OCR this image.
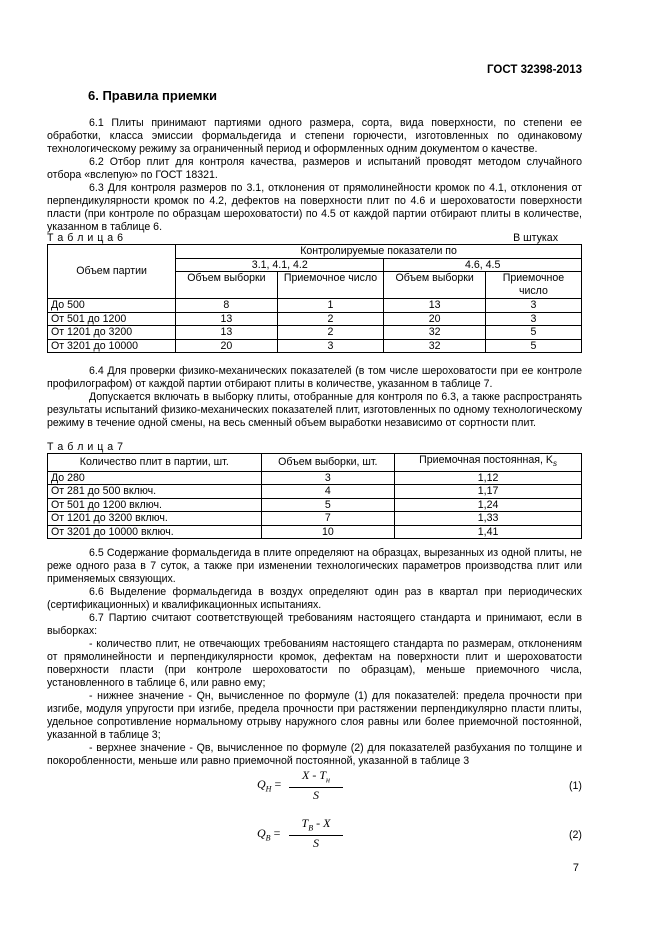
ГОСТ 32398-2013
6. Правила приемки

6.1 Плиты принимают партиями одного размера, сорта, вида поверхности, по степени ее обработки, класса эмиссии формальдегида и степени горючести, изготовленных по одинаковому технологическому режиму за ограниченный период и оформленных одним документом о качестве.

6.2 Отбор плит для контроля качества, размеров и испытаний проводят методом случайного отбора «вслепую» по ГОСТ 18321.

6.3 Для контроля размеров по 3.1, отклонения от прямолинейности кромок по 4.1, отклонения от перпендикулярности кромок по 4.2, дефектов на поверхности плит по 4.6 и шероховатости поверхности пласти (при контроле по образцам шероховатости) по 4.5 от каждой партии отбирают плиты в количестве, указанном в таблице 6.

Т а б л и ц а 6	В штуках
Объем партии	Контролируемые показатели по			
	3.1, 4.1, 4.2		4.6, 4.5	
	Объем выборки	Приемочное число	Объем выборки	Приемочное число
До 500	8	1	13	3
От 501 до 1200	13	2	20	3
От 1201 до 3200	13	2	32	5
От 3201 до 10000	20	3	32	5

6.4 Для проверки физико-механических показателей (в том числе шероховатости при ее контроле профилографом) от каждой партии отбирают плиты в количестве, указанном в таблице 7.

Допускается включать в выборку плиты, отобранные для контроля по 6.3, а также распространять результаты испытаний физико-механических показателей плит, изготовленных по одному технологическому режиму в течение одной смены, на весь сменный объем выработки независимо от сортности плит.

Т а б л и ц а 7
Количество плит в партии, шт.	Объем выборки, шт.	Приемочная постоянная, $K_s$
До 280	3	1,12
От 281 до 500 включ.	4	1,17
От 501 до 1200 включ.	5	1,24
От 1201 до 3200 включ.	7	1,33
От 3201 до 10000 включ.	10	1,41

6.5 Содержание формальдегида в плите определяют на образцах, вырезанных из одной плиты, не реже одного раза в 7 суток, а также при изменении технологических параметров производства плит или применяемых связующих.

6.6 Выделение формальдегида в воздух определяют один раз в квартал при периодических (сертификационных) и квалификационных испытаниях.

6.7 Партию считают соответствующей требованиям настоящего стандарта и принимают, если в выборках:

- количество плит, не отвечающих требованиям настоящего стандарта по размерам, отклонениям от прямолинейности и перпендикулярности кромок, дефектам на поверхности плит и шероховатости поверхности пласти (при контроле шероховатости по образцам), меньше приемочного числа, установленного в таблице 6, или равно ему;

- нижнее значение - Qн, вычисленное по формуле (1) для показателей: предела прочности при изгибе, модуля упругости при изгибе, предела прочности при растяжении перпендикулярно пласти плиты, удельное сопротивление нормальному отрыву наружного слоя равны или более приемочной постоянной, указанной в таблице 3;

- верхнее значение - Qв, вычисленное по формуле (2) для показателей разбухания по толщине и покоробленности, меньше или равно приемочной постоянной, указанной в таблице 3

$Q_H$ =
X - $T_н$
S
(1)
$Q_B = \frac{T_B - X}{S}$	(2)
7
